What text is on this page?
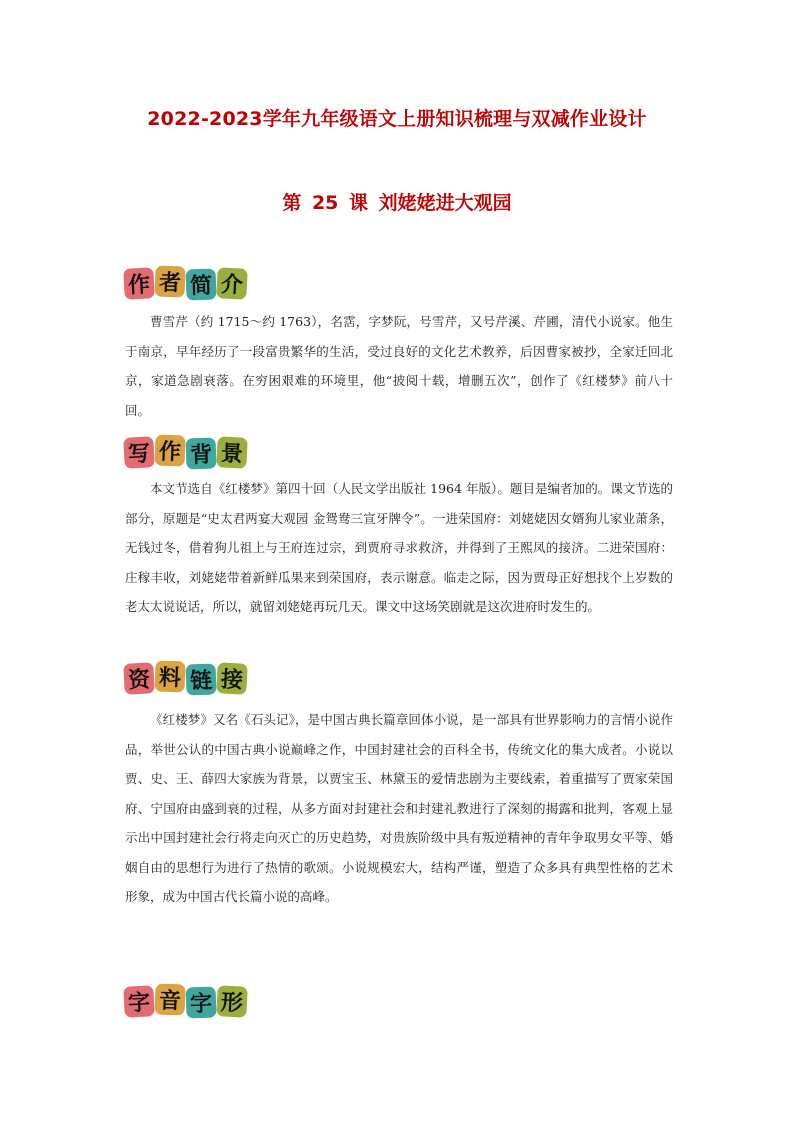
2022-2023学年九年级语文上册知识梳理与双减作业设计
第 25 课 刘姥姥进大观园
作 者 简 介

曹雪芹（约 1715～约 1763），名霑，字梦阮，号雪芹，又号芹溪、芹圃，清代小说家。他生于南京，早年经历了一段富贵繁华的生活，受过良好的文化艺术教养，后因曹家被抄，全家迁回北京，家道急剧衰落。在穷困艰难的环境里，他“披阅十载，增删五次”，创作了《红楼梦》前八十回。

写 作 背 景

本文节选自《红楼梦》第四十回（人民文学出版社 1964 年版）。题目是编者加的。课文节选的部分，原题是“史太君两宴大观园 金鸳鸯三宣牙牌令”。一进荣国府：刘姥姥因女婿狗儿家业萧条，无钱过冬，借着狗儿祖上与王府连过宗，到贾府寻求救济，并得到了王熙凤的接济。二进荣国府：庄稼丰收，刘姥姥带着新鲜瓜果来到荣国府，表示谢意。临走之际，因为贾母正好想找个上岁数的老太太说说话，所以，就留刘姥姥再玩几天。课文中这场笑剧就是这次进府时发生的。

资 料 链 接

《红楼梦》又名《石头记》，是中国古典长篇章回体小说，是一部具有世界影响力的言情小说作品，举世公认的中国古典小说巅峰之作，中国封建社会的百科全书，传统文化的集大成者。小说以贾、史、王、薛四大家族为背景，以贾宝玉、林黛玉的爱情悲剧为主要线索，着重描写了贾家荣国府、宁国府由盛到衰的过程，从多方面对封建社会和封建礼教进行了深刻的揭露和批判，客观上显示出中国封建社会行将走向灭亡的历史趋势，对贵族阶级中具有叛逆精神的青年争取男女平等、婚姻自由的思想行为进行了热情的歌颂。小说规模宏大，结构严谨，塑造了众多具有典型性格的艺术形象，成为中国古代长篇小说的高峰。

字 音 字 形
